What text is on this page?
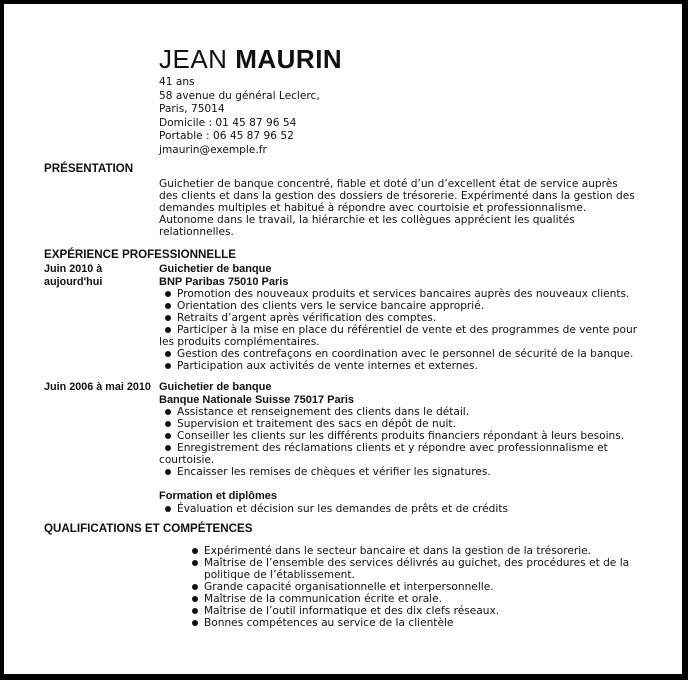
JEAN MAURIN
41 ans
58 avenue du général Leclerc,
Paris, 75014
Domicile : 01 45 87 96 54
Portable : 06 45 87 96 52
jmaurin@exemple.fr
PRÉSENTATION
Guichetier de banque concentré, fiable et doté d’un d’excellent état de service auprès
des clients et dans la gestion des dossiers de trésorerie. Expérimenté dans la gestion des
demandes multiples et habitué à répondre avec courtoisie et professionnalisme.
Autonome dans le travail, la hiérarchie et les collègues apprécient les qualités
relationnelles.
EXPÉRIENCE PROFESSIONNELLE
Juin 2010 à
aujourd'hui
Guichetier de banque
BNP Paribas 75010 Paris
Promotion des nouveaux produits et services bancaires auprès des nouveaux clients.
Orientation des clients vers le service bancaire approprié.
Retraits d’argent après vérification des comptes.
Participer à la mise en place du référentiel de vente et des programmes de vente pour
les produits complémentaires.
Gestion des contrefaçons en coordination avec le personnel de sécurité de la banque.
Participation aux activités de vente internes et externes.
Juin 2006 à mai 2010 Guichetier de banque
Banque Nationale Suisse 75017 Paris
Assistance et renseignement des clients dans le détail.
Supervision et traitement des sacs en dépôt de nuit.
Conseiller les clients sur les différents produits financiers répondant à leurs besoins.
Enregistrement des réclamations clients et y répondre avec professionnalisme et
courtoisie.
Encaisser les remises de chèques et vérifier les signatures.
Formation et diplômes
Évaluation et décision sur les demandes de prêts et de crédits
QUALIFICATIONS ET COMPÉTENCES
Expérimenté dans le secteur bancaire et dans la gestion de la trésorerie.
Maîtrise de l’ensemble des services délivrés au guichet, des procédures et de la
politique de l’établissement.
Grande capacité organisationnelle et interpersonnelle.
Maîtrise de la communication écrite et orale.
Maîtrise de l’outil informatique et des dix clefs réseaux.
Bonnes compétences au service de la clientèle
